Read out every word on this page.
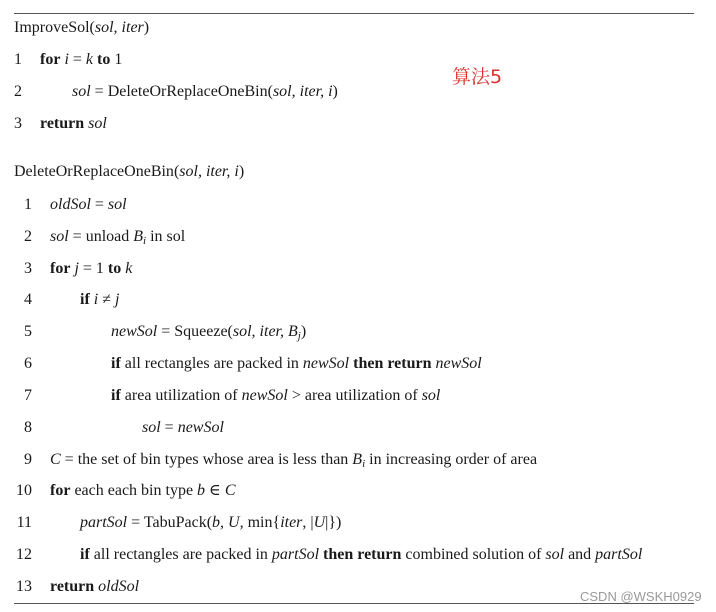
ImproveSol(sol, iter)
1 for i = k to 1
2	sol = DeleteOrReplaceOneBin(sol, iter, i)
3 return sol
算法5
DeleteOrReplaceOneBin(sol, iter, i)
1 oldSol = sol
2 sol = unload $B_i$ in sol
3 for j = 1 to k
4	if i ≠ j
5	newSol = Squeeze(sol, iter, $B_j$)
6	if all rectangles are packed in newSol then return newSol
7	if area utilization of newSol > area utilization of sol
8	sol = newSol
9 C = the set of bin types whose area is less than $B_i$ in increasing order of area
10 for each each bin type b ∈ C
11	partSol = TabuPack(b, U, min{iter, |U|})
12	if all rectangles are packed in partSol then return combined solution of sol and partSol
13 return oldSol
CSDN @WSKH0929
